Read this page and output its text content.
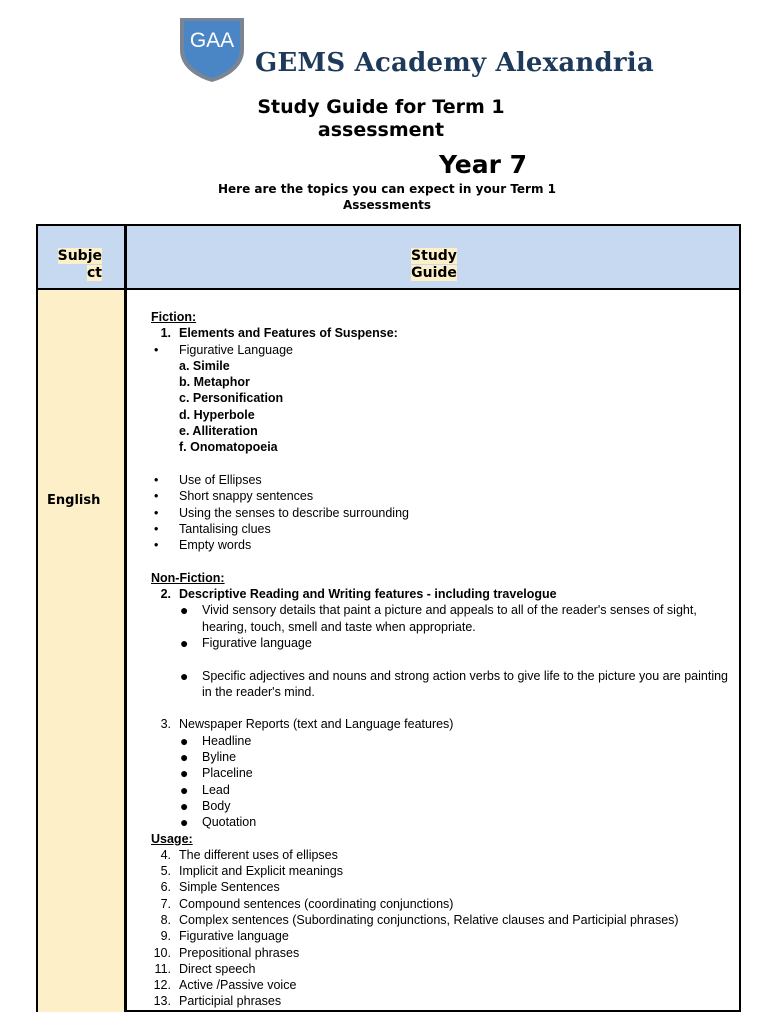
GAA
GEMS Academy Alexandria
Study Guide for Term 1
assessment
Year 7
Here are the topics you can expect in your Term 1
Assessments
Subje
ct
Study
Guide
English
Fiction:
1. Elements and Features of Suspense:
• Figurative Language
a. Simile
b. Metaphor
c. Personification
d. Hyperbole
e. Alliteration
f. Onomatopoeia
• Use of Ellipses
• Short snappy sentences
• Using the senses to describe surrounding
• Tantalising clues
• Empty words
Non-Fiction:
2. Descriptive Reading and Writing features - including travelogue
● Vivid sensory details that paint a picture and appeals to all of the reader's senses of sight, hearing, touch, smell and taste when appropriate.
● Figurative language
● Specific adjectives and nouns and strong action verbs to give life to the picture you are painting in the reader's mind.
3. Newspaper Reports (text and Language features)
● Headline
● Byline
● Placeline
● Lead
● Body
● Quotation
Usage:
4. The different uses of ellipses
5. Implicit and Explicit meanings
6. Simple Sentences
7. Compound sentences (coordinating conjunctions)
8. Complex sentences (Subordinating conjunctions, Relative clauses and Participial phrases)
9. Figurative language
10. Prepositional phrases
11. Direct speech
12. Active /Passive voice
13. Participial phrases
